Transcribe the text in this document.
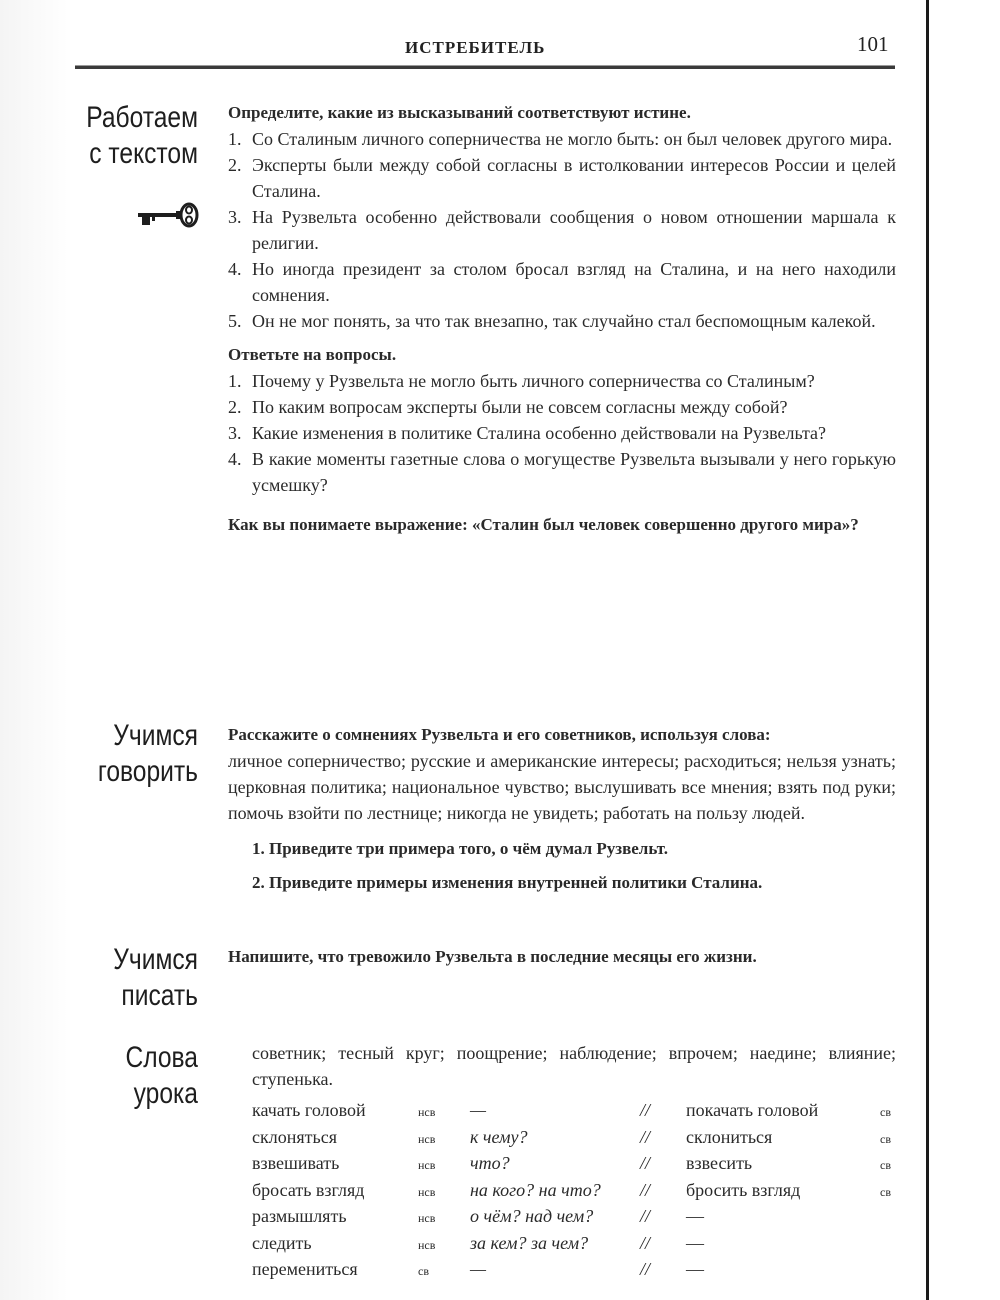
ИСТРЕБИТЕЛЬ	101
Работаем
с текстом
Определите, какие из высказываний соответствуют истине.
1. Со Сталиным личного соперничества не могло быть: он был человек другого мира.
2. Эксперты были между собой согласны в истолковании интересов России и целей Сталина.
3. На Рузвельта особенно действовали сообщения о новом отношении маршала к религии.
4. Но иногда президент за столом бросал взгляд на Сталина, и на него находили сомнения.
5. Он не мог понять, за что так внезапно, так случайно стал беспомощным калекой.
Ответьте на вопросы.
1. Почему у Рузвельта не могло быть личного соперничества со Сталиным?
2. По каким вопросам эксперты были не совсем согласны между собой?
3. Какие изменения в политике Сталина особенно действовали на Рузвельта?
4. В какие моменты газетные слова о могуществе Рузвельта вызывали у него горькую усмешку?
Как вы понимаете выражение: «Сталин был человек совершенно другого мира»?
Учимся
говорить
Расскажите о сомнениях Рузвельта и его советников, используя слова:
личное соперничество; русские и американские интересы; расходиться; нельзя узнать; церковная политика; национальное чувство; выслушивать все мнения; взять под руки; помочь взойти по лестнице; никогда не увидеть; работать на пользу людей.
1. Приведите три примера того, о чём думал Рузвельт.
2. Приведите примеры изменения внутренней политики Сталина.
Учимся
писать
Напишите, что тревожило Рузвельта в последние месяцы его жизни.
Слова
урока
советник; тесный круг; поощрение; наблюдение; впрочем; наедине; влияние; ступенька.
качать головой	нсв	—	//	покачать головой	св
склоняться	нсв	к чему?	//	склониться	св
взвешивать	нсв	что?	//	взвесить	св
бросать взгляд	нсв	на кого? на что?	//	бросить взгляд	св
размышлять	нсв	о чём? над чем?	//	—	
следить	нсв	за кем? за чем?	//	—	
перемениться	св	—	//	—	
